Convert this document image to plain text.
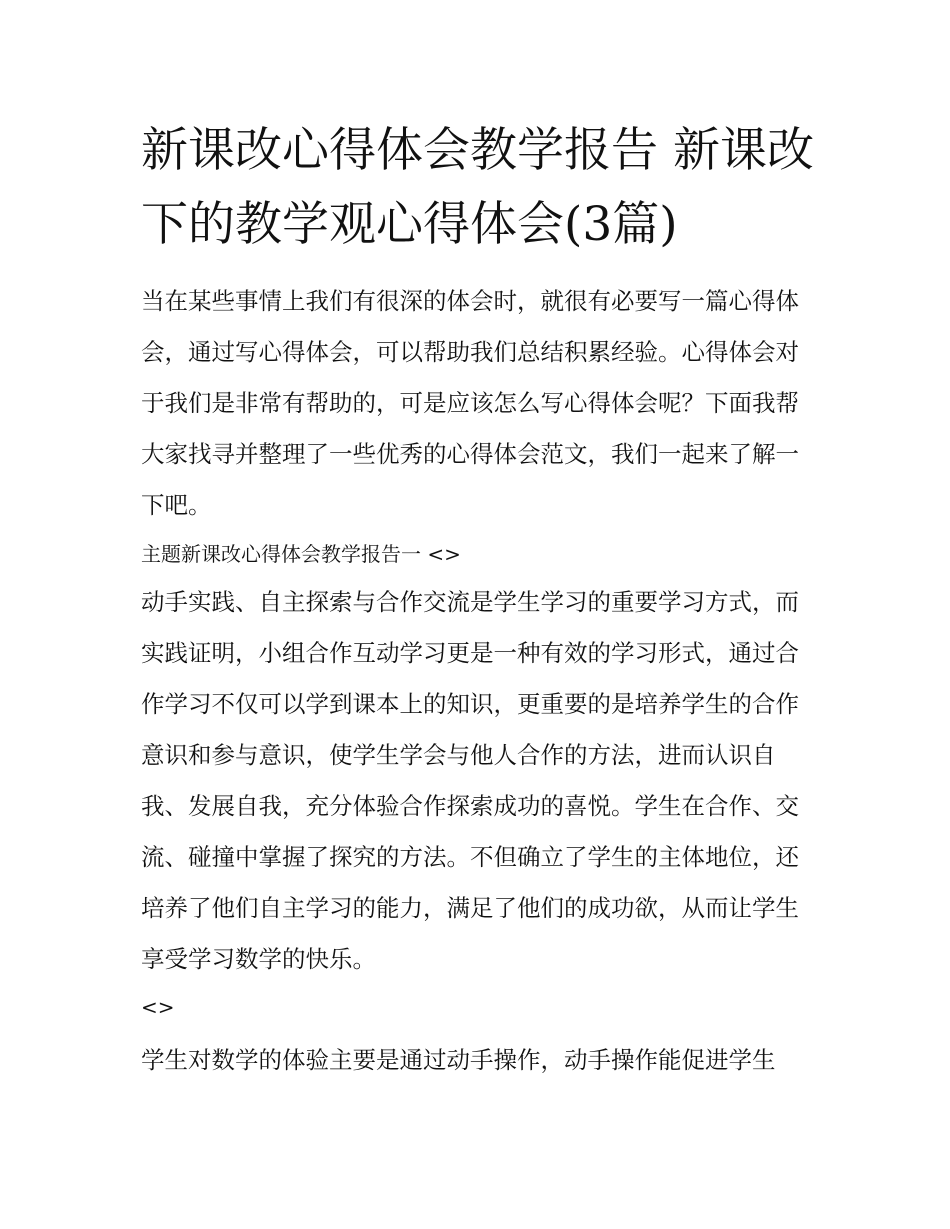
新课改心得体会教学报告 新课改下的教学观心得体会(3篇)

当在某些事情上我们有很深的体会时，就很有必要写一篇心得体会，通过写心得体会，可以帮助我们总结积累经验。心得体会对于我们是非常有帮助的，可是应该怎么写心得体会呢？下面我帮大家找寻并整理了一些优秀的心得体会范文，我们一起来了解一下吧。

主题新课改心得体会教学报告一 <>

动手实践、自主探索与合作交流是学生学习的重要学习方式，而实践证明，小组合作互动学习更是一种有效的学习形式，通过合作学习不仅可以学到课本上的知识，更重要的是培养学生的合作意识和参与意识，使学生学会与他人合作的方法，进而认识自我、发展自我，充分体验合作探索成功的喜悦。学生在合作、交流、碰撞中掌握了探究的方法。不但确立了学生的主体地位，还培养了他们自主学习的能力，满足了他们的成功欲，从而让学生享受学习数学的快乐。

<>

学生对数学的体验主要是通过动手操作，动手操作能促进学生
